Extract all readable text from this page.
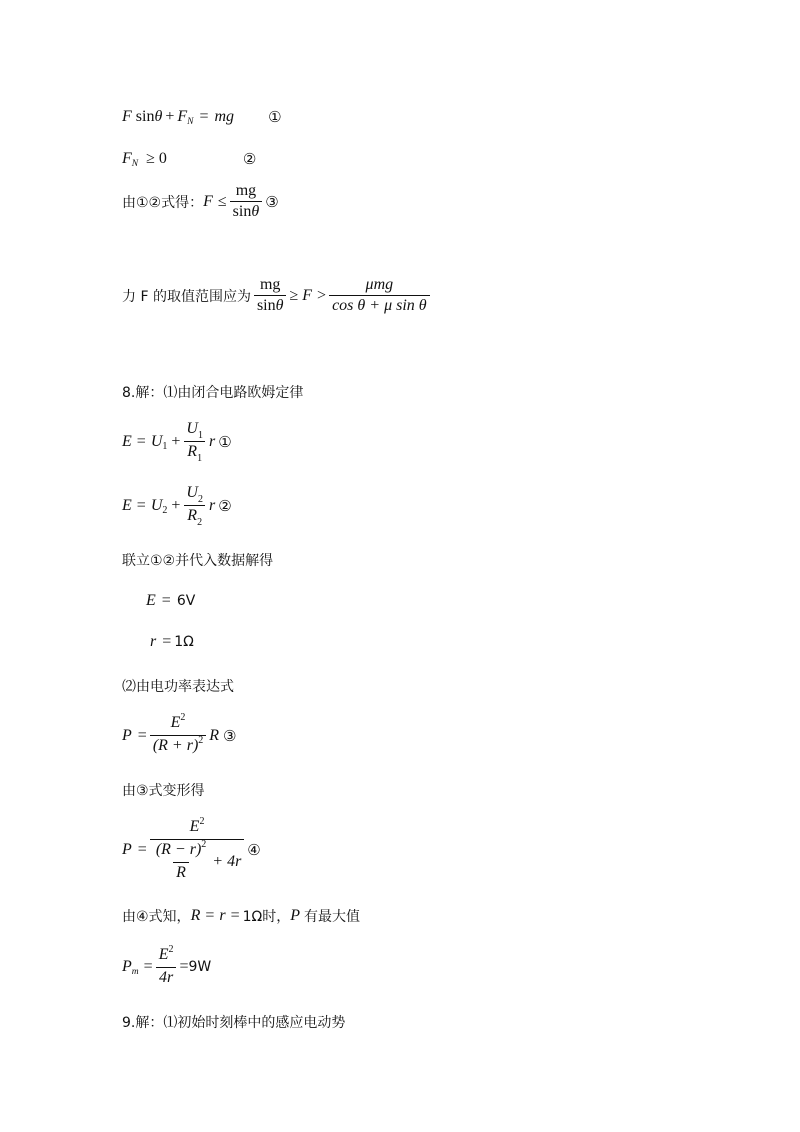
F sin θ + F N = mg ①
F N ≥ 0	②
由①②式得： $F \le \frac{mg}{\sin\theta}$ ③
力 F 的取值范围应为 $\frac{mg}{\sin\theta} \ge F > \frac{\text{μmg}}{\text{cos θ + μ sin θ}}$
8.解：⑴由闭合电路欧姆定律
E = U $1 + \frac{U_1}{R_1}$ r ①
E = U $2 + \frac{U_2}{R_2}$ r ②
联立①②并代入数据解得
E = 6V
r = 1Ω
⑵由电功率表达式
$P = \frac{E^2}{(R + r)^2}$ R ③
由③式变形得
$P = \frac{E^2}{\frac{(R - r)^2}{R} + 4r}$ ④
由④式知， R = r = 1Ω时， P 有最大值
P $m = \frac{E^2}{4r} = 9W$
9.解：⑴初始时刻棒中的感应电动势
